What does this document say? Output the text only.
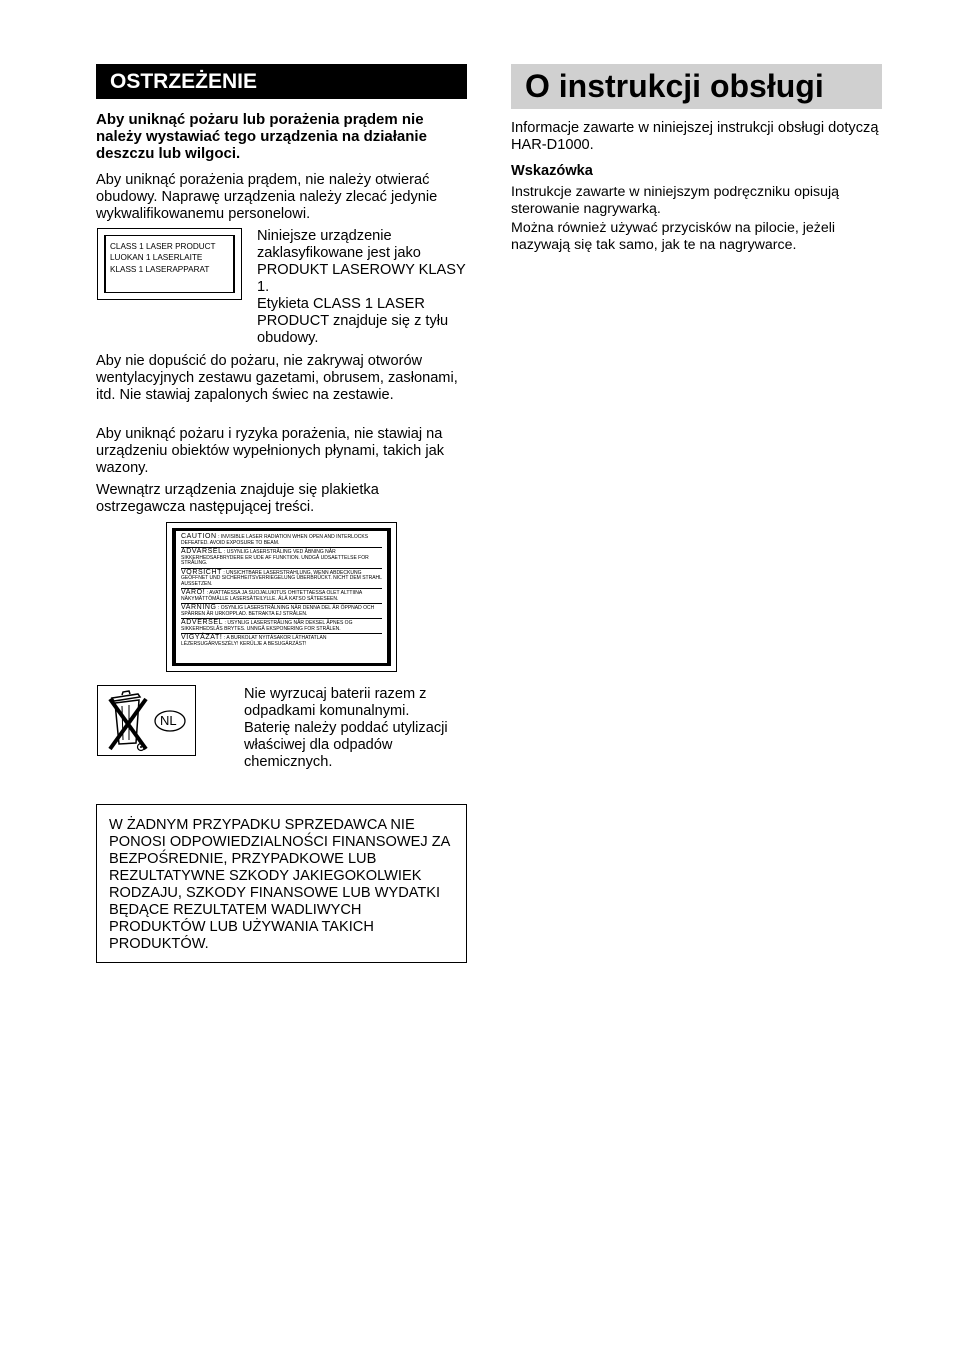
OSTRZEŻENIE

Aby uniknąć pożaru lub porażenia prądem nie należy wystawiać tego urządzenia na działanie deszczu lub wilgoci.

Aby uniknąć porażenia prądem, nie należy otwierać obudowy. Naprawę urządzenia należy zlecać jedynie wykwalifikowanemu personelowi.

CLASS 1 LASER PRODUCT
LUOKAN 1 LASERLAITE
KLASS 1 LASERAPPARAT

Niniejsze urządzenie zaklasyfikowane jest jako PRODUKT LASEROWY KLASY 1.
Etykieta CLASS 1 LASER PRODUCT znajduje się z tyłu obudowy.

Aby nie dopuścić do pożaru, nie zakrywaj otworów wentylacyjnych zestawu gazetami, obrusem, zasłonami, itd. Nie stawiaj zapalonych świec na zestawie.

Aby uniknąć pożaru i ryzyka porażenia, nie stawiaj na urządzeniu obiektów wypełnionych płynami, takich jak wazony.

Wewnątrz urządzenia znajduje się plakietka ostrzegawcza następującej treści.

CAUTION : INVISIBLE LASER RADIATION WHEN OPEN AND INTERLOCKS DEFEATED. AVOID EXPOSURE TO BEAM.
ADVARSEL : USYNLIG LASERSTRÅLING VED ÅBNING NÅR SIKKERHEDSAFBRYDERE ER UDE AF FUNKTION. UNDGÅ UDSAETTELSE FOR STRÅLING.
VORSICHT : UNSICHTBARE LASERSTRAHLUNG, WENN ABDECKUNG GEÖFFNET UND SICHERHEITSVERRIEGELUNG ÜBERBRÜCKT. NICHT DEM STRAHL AUSSETZEN.
VARO! : AVATTAESSA JA SUOJALUKITUS OHITETTAESSA OLET ALTTIINA NÄKYMÄTTÖMÄLLE LASERSÄTEILYLLE. ÄLÄ KATSO SÄTEESEEN.
VARNING : OSYNLIG LASERSTRÅLNING NÄR DENNA DEL ÄR ÖPPNAD OCH SPÄRREN ÄR URKOPPLAD. BETRAKTA EJ STRÅLEN.
ADVERSEL : USYNLIG LASERSTRÅLING NÅR DEKSEL ÅPNES OG SIKKERHEDSLÅS BRYTES. UNNGÅ EKSPONERING FOR STRÅLEN.
VIGYÁZAT! : A BURKOLAT NYITÁSAKOR LÁTHATATLAN LÉZERSUGÁRVESZÉLY! KERÜLJE A BESUGÁRZÁST!
NL

Nie wyrzucaj baterii razem z odpadkami komunalnymi. Baterię należy poddać utylizacji właściwej dla odpadów chemicznych.

W ŻADNYM PRZYPADKU SPRZEDAWCA NIE PONOSI ODPOWIEDZIALNOŚCI FINANSOWEJ ZA BEZPOŚREDNIE, PRZYPADKOWE LUB REZULTATYWNE SZKODY JAKIEGOKOLWIEK RODZAJU, SZKODY FINANSOWE LUB WYDATKI BĘDĄCE REZULTATEM WADLIWYCH PRODUKTÓW LUB UŻYWANIA TAKICH PRODUKTÓW.

O instrukcji obsługi

Informacje zawarte w niniejszej instrukcji obsługi dotyczą HAR-D1000.

Wskazówka

Instrukcje zawarte w niniejszym podręczniku opisują sterowanie nagrywarką.

Można również używać przycisków na pilocie, jeżeli nazywają się tak samo, jak te na nagrywarce.
